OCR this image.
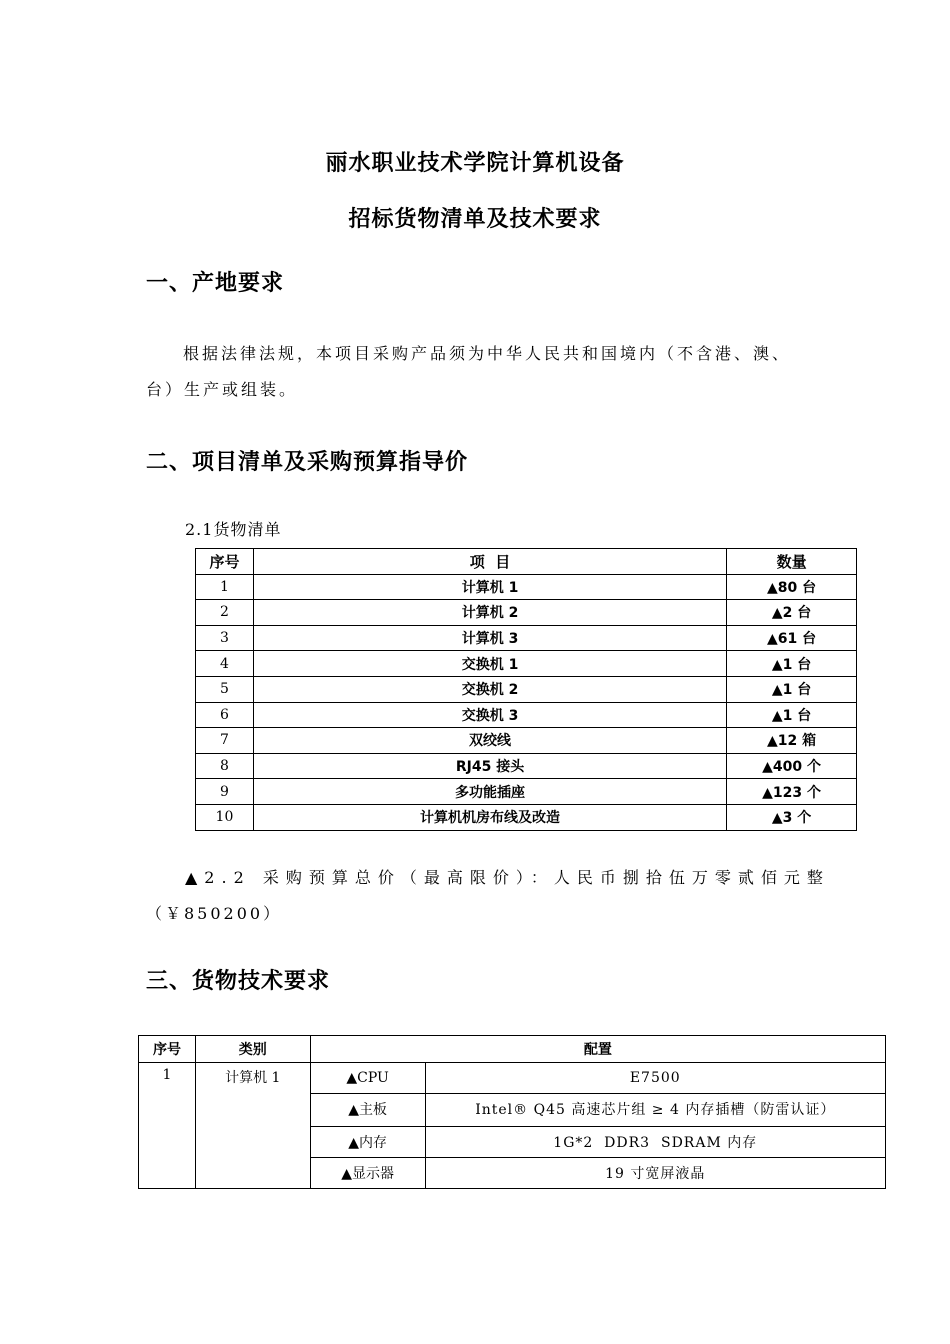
丽水职业技术学院计算机设备
招标货物清单及技术要求
一、产地要求
根据法律法规，本项目采购产品须为中华人民共和国境内（不含港、澳、
台）生产或组装。
二、项目清单及采购预算指导价
2.1货物清单
序号	项  目	数量
1	计算机 1	▲80 台
2	计算机 2	▲2 台
3	计算机 3	▲61 台
4	交换机 1	▲1 台
5	交换机 2	▲1 台
6	交换机 3	▲1 台
7	双绞线	▲12 箱
8	RJ45 接头	▲400 个
9	多功能插座	▲123 个
10	计算机机房布线及改造	▲3 个
▲2.2 采购预算总价（最高限价）：人民币捌拾伍万零贰佰元整
（￥850200）
三、货物技术要求
序号	类别	配置	
1	计算机 1	▲CPU	E7500
		▲主板	Intel® Q45 高速芯片组 ≥ 4 内存插槽（防雷认证）
		▲内存	1G*2  DDR3  SDRAM 内存
		▲显示器	19 寸宽屏液晶
